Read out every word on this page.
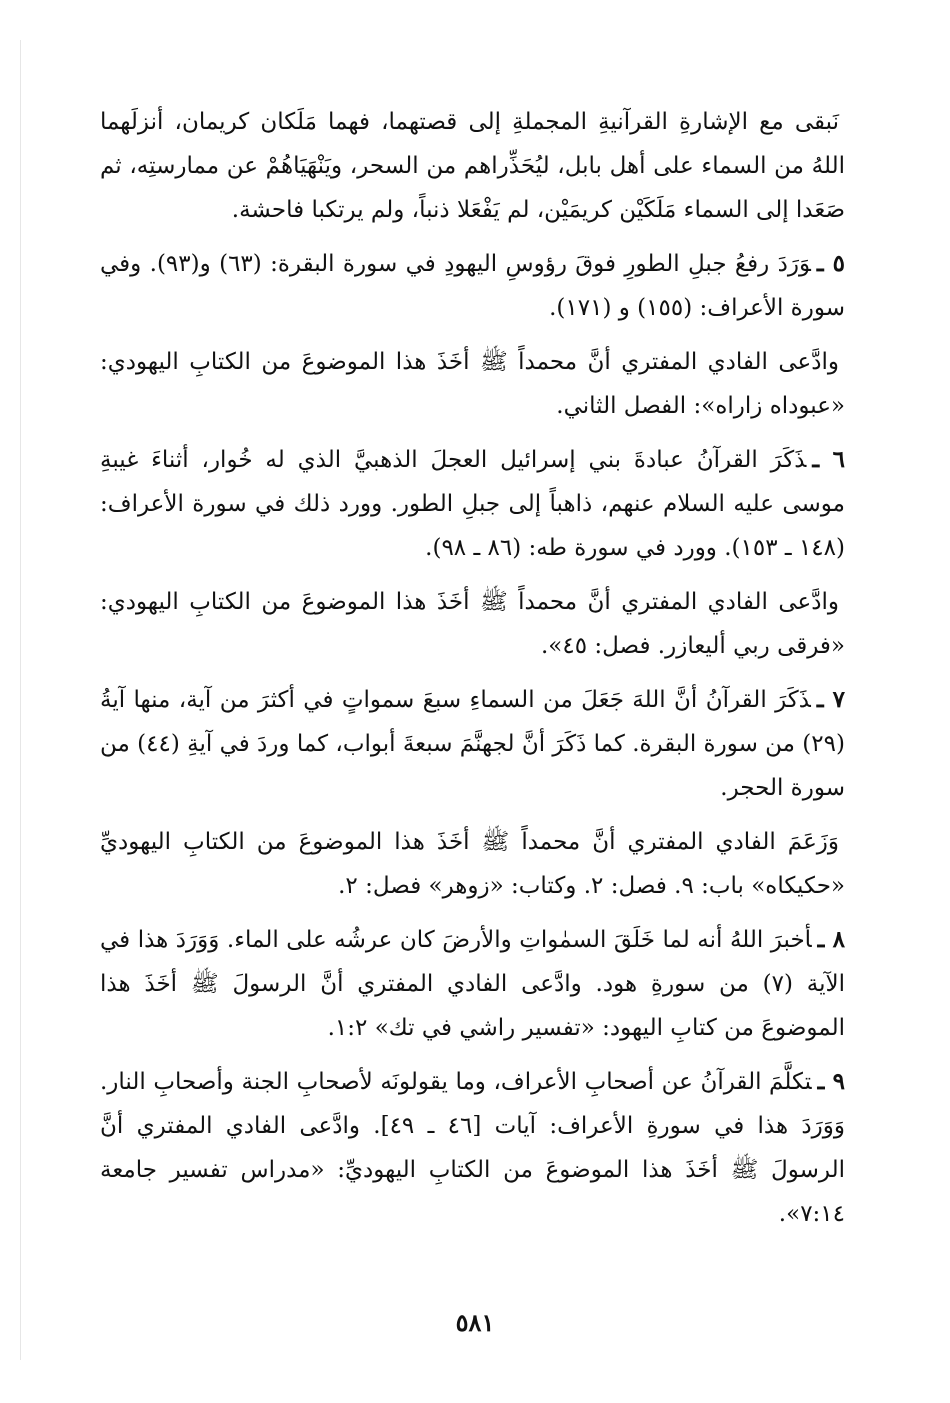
نَبقى مع الإشارةِ القرآنيةِ المجملةِ إلى قصتهما، فهما مَلَكان كريمان، أنزلَهما اللهُ من السماء على أهل بابل، ليُحَذِّراهم من السحر، ويَنْهَيَاهُمْ عن ممارستِه، ثم صَعَدا إلى السماء مَلَكَيْن كريمَيْن، لم يَفْعَلا ذنباً، ولم يرتكبا فاحشة.

٥ ـوَرَدَ رفعُ جبلِ الطورِ فوقَ رؤوسِ اليهودِ في سورة البقرة: (٦٣) و(٩٣). وفي سورة الأعراف: (١٥٥) و (١٧١).

وادَّعى الفادي المفتري أنَّ محمداً ﷺ أخَذَ هذا الموضوعَ من الكتابِ اليهودي: «عبوداه زاراه»: الفصل الثاني.

٦ ـذَكَرَ القرآنُ عبادةَ بني إسرائيل العجلَ الذهبيَّ الذي له خُوار، أثناءَ غيبةِ موسى عليه السلام عنهم، ذاهباً إلى جبلِ الطور. وورد ذلك في سورة الأعراف: (١٤٨ ـ ١٥٣). وورد في سورة طه: (٨٦ ـ ٩٨).

وادَّعى الفادي المفتري أنَّ محمداً ﷺ أخَذَ هذا الموضوعَ من الكتابِ اليهودي: «فرقى ربي أليعازر. فصل: ٤٥».

٧ ـذَكَرَ القرآنُ أنَّ اللهَ جَعَلَ من السماءِ سبعَ سمواتٍ في أكثرَ من آية، منها آيةُ (٢٩) من سورة البقرة. كما ذَكَرَ أنَّ لجهنَّمَ سبعةَ أبواب، كما وردَ في آيةِ (٤٤) من سورة الحجر.

وَزَعَمَ الفادي المفتري أنَّ محمداً ﷺ أخَذَ هذا الموضوعَ من الكتابِ اليهوديِّ «حكيكاه» باب: ٩. فصل: ٢. وكتاب: «زوهر» فصل: ٢.

٨ ـأخبرَ اللهُ أنه لما خَلَقَ السمٰواتِ والأرضَ كان عرشُه على الماء. وَوَرَدَ هذا في الآية (٧) من سورةِ هود. وادَّعى الفادي المفتري أنَّ الرسولَ ﷺ أخَذَ هذا الموضوعَ من كتابِ اليهود: «تفسير راشي في تك» ١:٢.

٩ ـتكلَّمَ القرآنُ عن أصحابِ الأعراف، وما يقولونَه لأصحابِ الجنة وأصحابِ النار. وَوَرَدَ هذا في سورةِ الأعراف: آيات [٤٦ ـ ٤٩]. وادَّعى الفادي المفتري أنَّ الرسولَ ﷺ أخَذَ هذا الموضوعَ من الكتابِ اليهوديِّ: «مدراس تفسير جامعة ٧:١٤».

٥٨١
